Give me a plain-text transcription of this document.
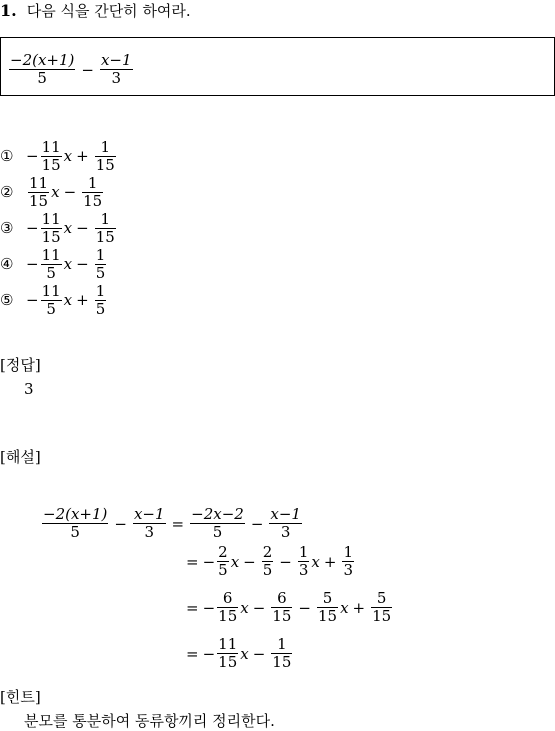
1. 다음 식을 간단히 하여라.
$\frac{-2(x+1)}{5} - \frac{x-1}{3}$
① − $\frac{11}{15}$ $x + \frac{1}{15}$
② $\frac{11}{15}$ $x - \frac{1}{15}$
③ − $\frac{11}{15}$ $x - \frac{1}{15}$
④ − $\frac{11}{5}$ $x - \frac{1}{5}$
⑤ − $\frac{11}{5}$ $x + \frac{1}{5}$
[정답]
3
[해설]
$\frac{-2(x+1)}{5} - \frac{x-1}{3} = \frac{-2x-2}{5} - \frac{x-1}{3}$
= − $\frac{2}{5}$ $x - \frac{2}{5} - \frac{1}{3}$ $x + \frac{1}{3}$
= − $\frac{6}{15}$ $x - \frac{6}{15} - \frac{5}{15}$ $x + \frac{5}{15}$
= − $\frac{11}{15}$ $x - \frac{1}{15}$
[힌트]
분모를 통분하여 동류항끼리 정리한다.
